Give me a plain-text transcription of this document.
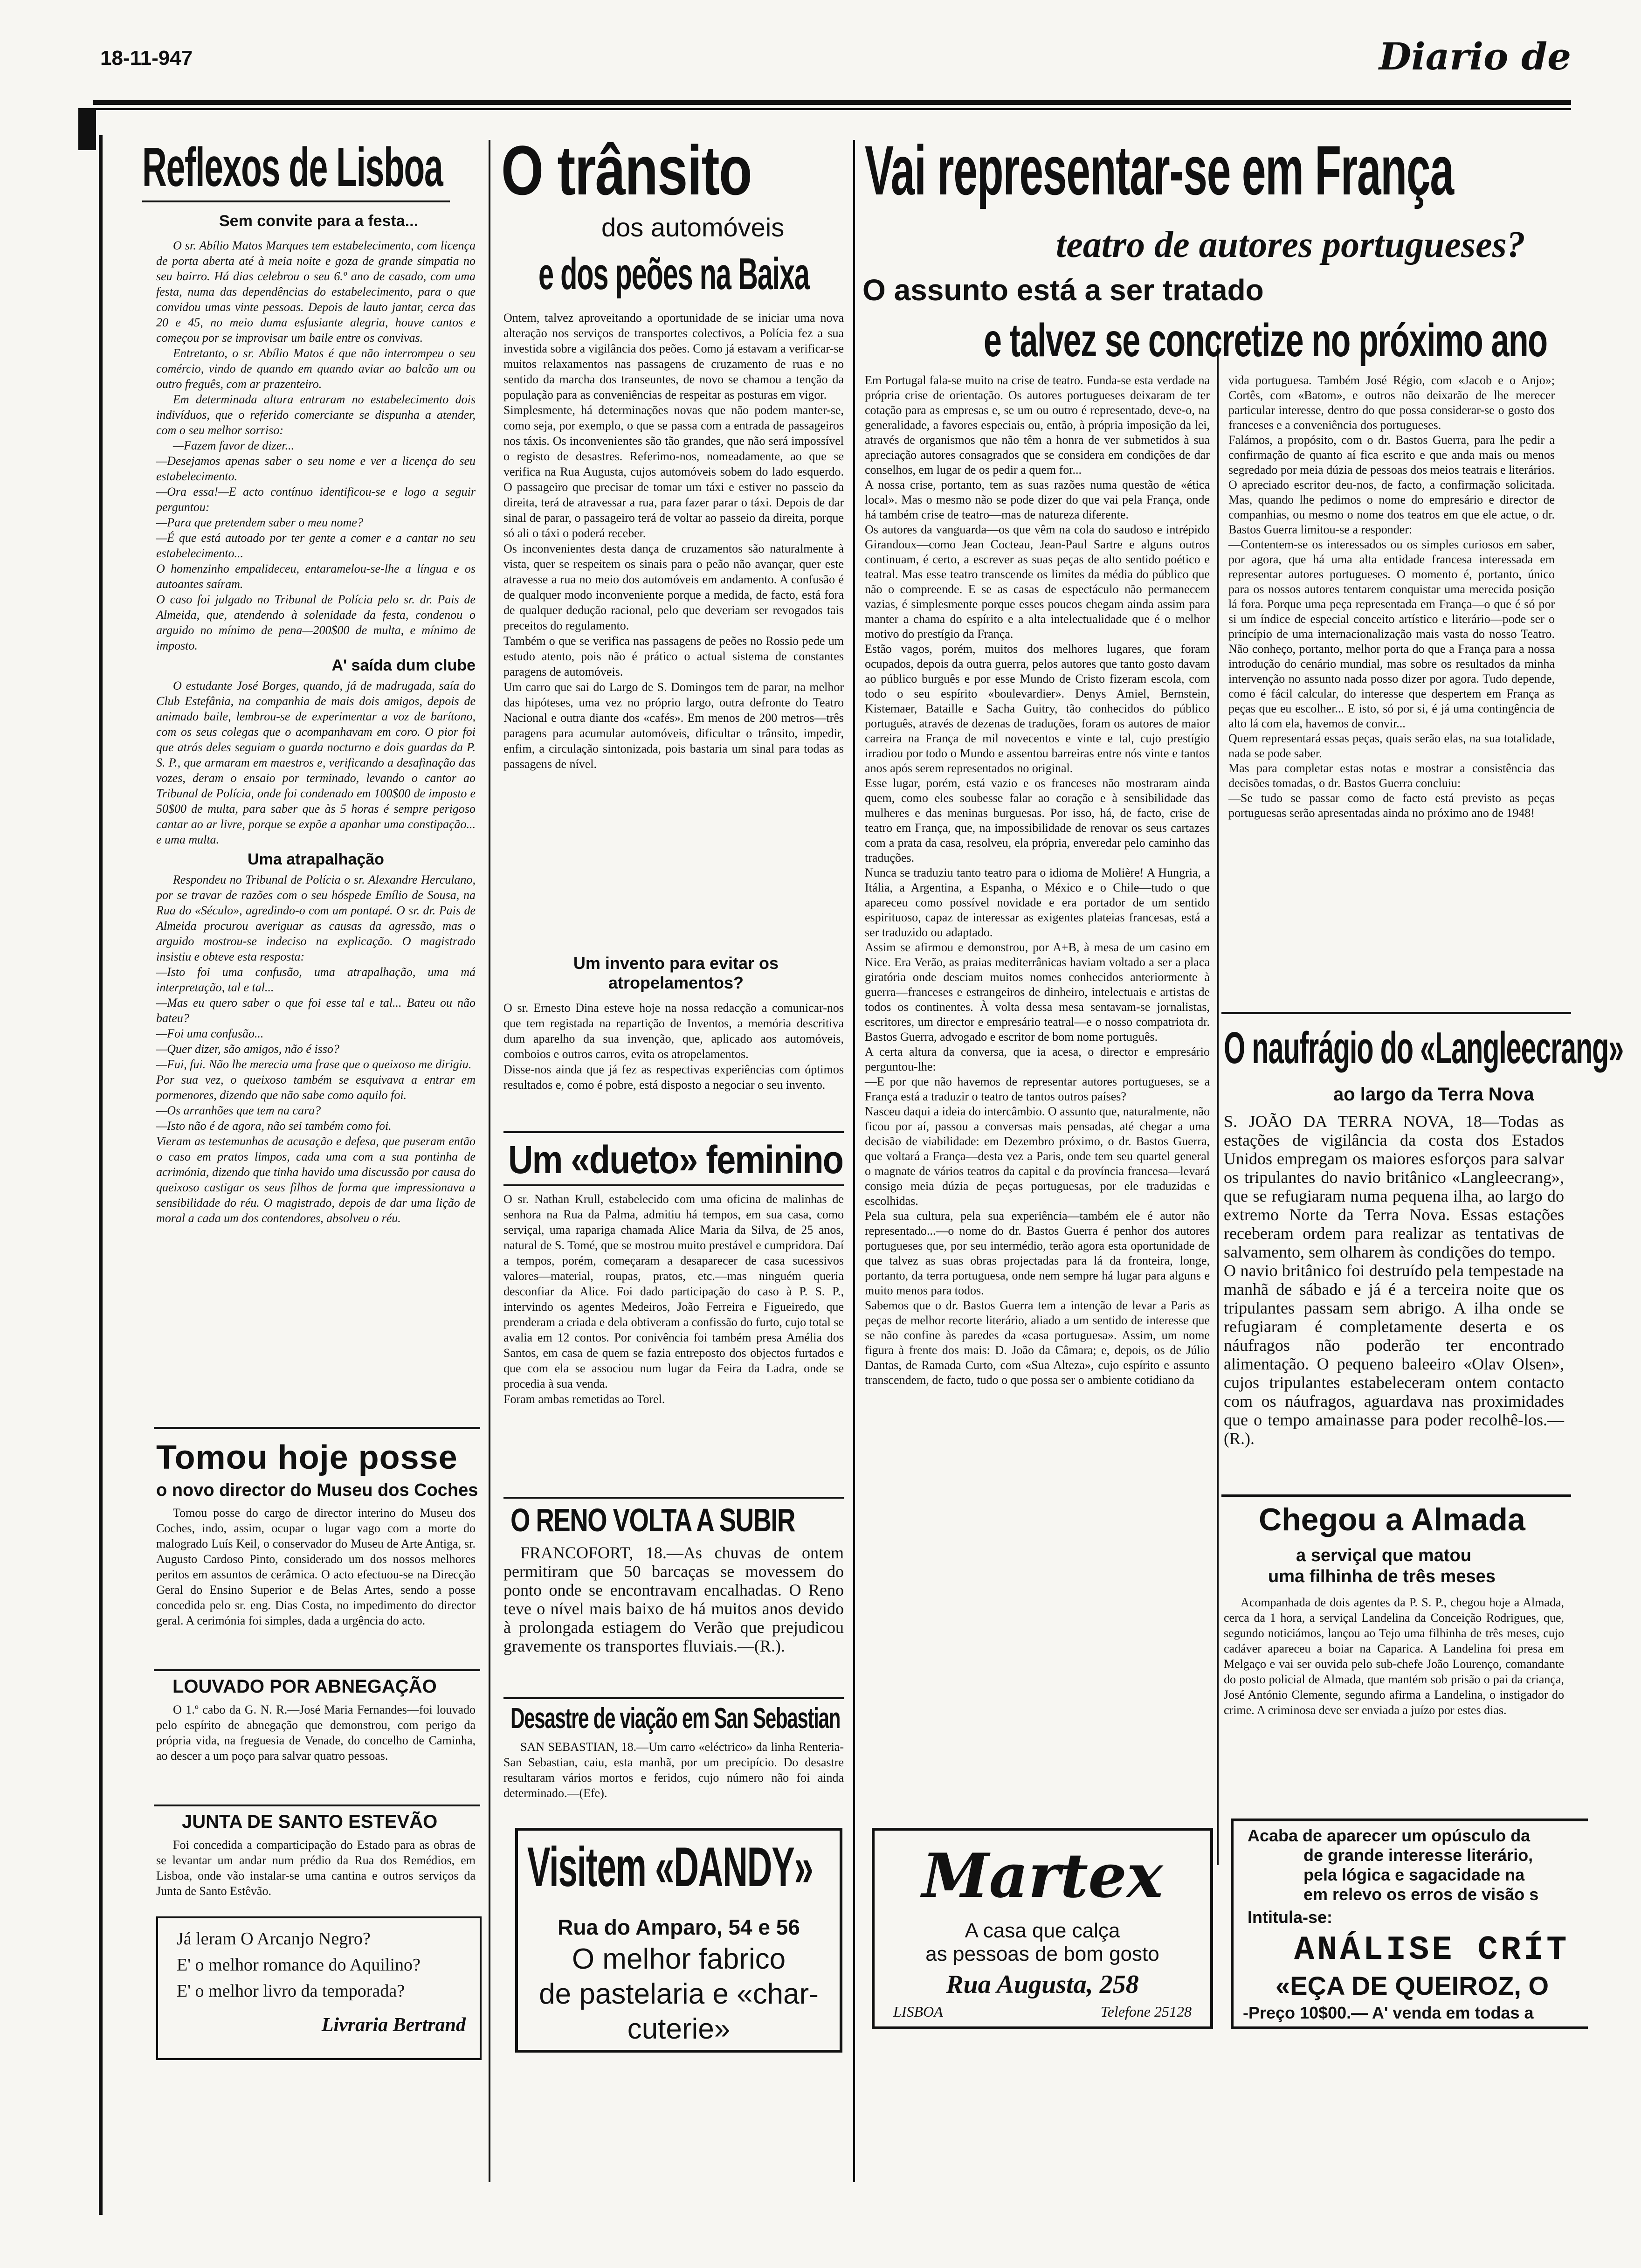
18-11-947	Diario de
Reflexos de Lisboa
Sem convite para a festa...

O sr. Abílio Matos Marques tem estabelecimento, com licença de porta aberta até à meia noite e goza de grande simpatia no seu bairro. Há dias celebrou o seu 6.º ano de casado, com uma festa, numa das dependências do estabelecimento, para o que convidou umas vinte pessoas. Depois de lauto jantar, cerca das 20 e 45, no meio duma esfusiante alegria, houve cantos e começou por se improvisar um baile entre os convivas.

Entretanto, o sr. Abílio Matos é que não interrompeu o seu comércio, vindo de quando em quando aviar ao balcão um ou outro freguês, com ar prazenteiro.

Em determinada altura entraram no estabelecimento dois indivíduos, que o referido comerciante se dispunha a atender, com o seu melhor sorriso:

—Fazem favor de dizer...
—Desejamos apenas saber o seu nome e ver a licença do seu estabelecimento.
—Ora essa!—E acto contínuo identificou-se e logo a seguir perguntou:
—Para que pretendem saber o meu nome?
—É que está autoado por ter gente a comer e a cantar no seu estabelecimento...
O homenzinho empalideceu, entaramelou-se-lhe a língua e os autoantes saíram.
O caso foi julgado no Tribunal de Polícia pelo sr. dr. Pais de Almeida, que, atendendo à solenidade da festa, condenou o arguido no mínimo de pena—200$00 de multa, e mínimo de imposto.

A' saída dum clube

O estudante José Borges, quando, já de madrugada, saía do Club Estefânia, na companhia de mais dois amigos, depois de animado baile, lembrou-se de experimentar a voz de barítono, com os seus colegas que o acompanhavam em coro. O pior foi que atrás deles seguiam o guarda nocturno e dois guardas da P. S. P., que armaram em maestros e, verificando a desafinação das vozes, deram o ensaio por terminado, levando o cantor ao Tribunal de Polícia, onde foi condenado em 100$00 de imposto e 50$00 de multa, para saber que às 5 horas é sempre perigoso cantar ao ar livre, porque se expõe a apanhar uma constipação... e uma multa.

Uma atrapalhação

Respondeu no Tribunal de Polícia o sr. Alexandre Herculano, por se travar de razões com o seu hóspede Emílio de Sousa, na Rua do «Século», agredindo-o com um pontapé. O sr. dr. Pais de Almeida procurou averiguar as causas da agressão, mas o arguido mostrou-se indeciso na explicação. O magistrado insistiu e obteve esta resposta:
—Isto foi uma confusão, uma atrapalhação, uma má interpretação, tal e tal...
—Mas eu quero saber o que foi esse tal e tal... Bateu ou não bateu?
—Foi uma confusão...
—Quer dizer, são amigos, não é isso?
—Fui, fui. Não lhe merecia uma frase que o queixoso me dirigiu.
Por sua vez, o queixoso também se esquivava a entrar em pormenores, dizendo que não sabe como aquilo foi.
—Os arranhões que tem na cara?
—Isto não é de agora, não sei também como foi.
Vieram as testemunhas de acusação e defesa, que puseram então o caso em pratos limpos, cada uma com a sua pontinha de acrimónia, dizendo que tinha havido uma discussão por causa do queixoso castigar os seus filhos de forma que impressionava a sensibilidade do réu. O magistrado, depois de dar uma lição de moral a cada um dos contendores, absolveu o réu.

Tomou hoje posse
o novo director do Museu dos Coches

Tomou posse do cargo de director interino do Museu dos Coches, indo, assim, ocupar o lugar vago com a morte do malogrado Luís Keil, o conservador do Museu de Arte Antiga, sr. Augusto Cardoso Pinto, considerado um dos nossos melhores peritos em assuntos de cerâmica. O acto efectuou-se na Direcção Geral do Ensino Superior e de Belas Artes, sendo a posse concedida pelo sr. eng. Dias Costa, no impedimento do director geral. A cerimónia foi simples, dada a urgência do acto.

LOUVADO POR ABNEGAÇÃO

O 1.º cabo da G. N. R.—José Maria Fernandes—foi louvado pelo espírito de abnegação que demonstrou, com perigo da própria vida, na freguesia de Venade, do concelho de Caminha, ao descer a um poço para salvar quatro pessoas.

JUNTA DE SANTO ESTEVÃO

Foi concedida a comparticipação do Estado para as obras de se levantar um andar num prédio da Rua dos Remédios, em Lisboa, onde vão instalar-se uma cantina e outros serviços da Junta de Santo Estêvão.

Já leram O Arcanjo Negro?
E' o melhor romance do Aquilino?
E' o melhor livro da temporada?
Livraria Bertrand
O trânsito
dos automóveis
e dos peões na Baixa
Ontem, talvez aproveitando a oportunidade de se iniciar uma nova alteração nos serviços de transportes colectivos, a Polícia fez a sua investida sobre a vigilância dos peões. Como já estavam a verificar-se muitos relaxamentos nas passagens de cruzamento de ruas e no sentido da marcha dos transeuntes, de novo se chamou a tenção da população para as conveniências de respeitar as posturas em vigor.
Simplesmente, há determinações novas que não podem manter-se, como seja, por exemplo, o que se passa com a entrada de passageiros nos táxis. Os inconvenientes são tão grandes, que não será impossível o registo de desastres. Referimo-nos, nomeadamente, ao que se verifica na Rua Augusta, cujos automóveis sobem do lado esquerdo. O passageiro que precisar de tomar um táxi e estiver no passeio da direita, terá de atravessar a rua, para fazer parar o táxi. Depois de dar sinal de parar, o passageiro terá de voltar ao passeio da direita, porque só ali o táxi o poderá receber.
Os inconvenientes desta dança de cruzamentos são naturalmente à vista, quer se respeitem os sinais para o peão não avançar, quer este atravesse a rua no meio dos automóveis em andamento. A confusão é de qualquer modo inconveniente porque a medida, de facto, está fora de qualquer dedução racional, pelo que deveriam ser revogados tais preceitos do regulamento.
Também o que se verifica nas passagens de peões no Rossio pede um estudo atento, pois não é prático o actual sistema de constantes paragens de automóveis.
Um carro que sai do Largo de S. Domingos tem de parar, na melhor das hipóteses, uma vez no próprio largo, outra defronte do Teatro Nacional e outra diante dos «cafés». Em menos de 200 metros—três paragens para acumular automóveis, dificultar o trânsito, impedir, enfim, a circulação sintonizada, pois bastaria um sinal para todas as passagens de nível.
Um invento para evitar os atropelamentos?
O sr. Ernesto Dina esteve hoje na nossa redacção a comunicar-nos que tem registada na repartição de Inventos, a memória descritiva dum aparelho da sua invenção, que, aplicado aos automóveis, comboios e outros carros, evita os atropelamentos.
Disse-nos ainda que já fez as respectivas experiências com óptimos resultados e, como é pobre, está disposto a negociar o seu invento.
Um «dueto» feminino
O sr. Nathan Krull, estabelecido com uma oficina de malinhas de senhora na Rua da Palma, admitiu há tempos, em sua casa, como serviçal, uma rapariga chamada Alice Maria da Silva, de 25 anos, natural de S. Tomé, que se mostrou muito prestável e cumpridora. Daí a tempos, porém, começaram a desaparecer de casa sucessivos valores—material, roupas, pratos, etc.—mas ninguém queria desconfiar da Alice. Foi dado participação do caso à P. S. P., intervindo os agentes Medeiros, João Ferreira e Figueiredo, que prenderam a criada e dela obtiveram a confissão do furto, cujo total se avalia em 12 contos. Por conivência foi também presa Amélia dos Santos, em casa de quem se fazia entreposto dos objectos furtados e que com ela se associou num lugar da Feira da Ladra, onde se procedia à sua venda.
Foram ambas remetidas ao Torel.
O RENO VOLTA A SUBIR

FRANCOFORT, 18.—As chuvas de ontem permitiram que 50 barcaças se movessem do ponto onde se encontravam encalhadas. O Reno teve o nível mais baixo de há muitos anos devido à prolongada estiagem do Verão que prejudicou gravemente os transportes fluviais.—(R.).

Desastre de viação em San Sebastian

SAN SEBASTIAN, 18.—Um carro «eléctrico» da linha Renteria-San Sebastian, caiu, esta manhã, por um precipício. Do desastre resultaram vários mortos e feridos, cujo número não foi ainda determinado.—(Efe).

Visitem «DANDY»
Rua do Amparo, 54 e 56
O melhor fabrico
de pastelaria e «char-
cuterie»
Vai representar-se em França
teatro de autores portugueses?
O assunto está a ser tratado
e talvez se concretize no próximo ano
Em Portugal fala-se muito na crise de teatro. Funda-se esta verdade na própria crise de orientação. Os autores portugueses deixaram de ter cotação para as empresas e, se um ou outro é representado, deve-o, na generalidade, a favores especiais ou, então, à própria imposição da lei, através de organismos que não têm a honra de ver submetidos à sua apreciação autores consagrados que se considera em condições de dar conselhos, em lugar de os pedir a quem for...
A nossa crise, portanto, tem as suas razões numa questão de «ética local». Mas o mesmo não se pode dizer do que vai pela França, onde há também crise de teatro—mas de natureza diferente.
Os autores da vanguarda—os que vêm na cola do saudoso e intrépido Girandoux—como Jean Cocteau, Jean-Paul Sartre e alguns outros continuam, é certo, a escrever as suas peças de alto sentido poético e teatral. Mas esse teatro transcende os limites da média do público que não o compreende. E se as casas de espectáculo não permanecem vazias, é simplesmente porque esses poucos chegam ainda assim para manter a chama do espírito e a alta intelectualidade que é o melhor motivo do prestígio da França.
Estão vagos, porém, muitos dos melhores lugares, que foram ocupados, depois da outra guerra, pelos autores que tanto gosto davam ao público burguês e por esse Mundo de Cristo fizeram escola, com todo o seu espírito «boulevardier». Denys Amiel, Bernstein, Kistemaer, Bataille e Sacha Guitry, tão conhecidos do público português, através de dezenas de traduções, foram os autores de maior carreira na França de mil novecentos e vinte e tal, cujo prestígio irradiou por todo o Mundo e assentou barreiras entre nós vinte e tantos anos após serem representados no original.
Esse lugar, porém, está vazio e os franceses não mostraram ainda quem, como eles soubesse falar ao coração e à sensibilidade das mulheres e das meninas burguesas. Por isso, há, de facto, crise de teatro em França, que, na impossibilidade de renovar os seus cartazes com a prata da casa, resolveu, ela própria, enveredar pelo caminho das traduções.
Nunca se traduziu tanto teatro para o idioma de Molière! A Hungria, a Itália, a Argentina, a Espanha, o México e o Chile—tudo o que apareceu como possível novidade e era portador de um sentido espirituoso, capaz de interessar as exigentes plateias francesas, está a ser traduzido ou adaptado.
Assim se afirmou e demonstrou, por A+B, à mesa de um casino em Nice. Era Verão, as praias mediterrânicas haviam voltado a ser a placa giratória onde desciam muitos nomes conhecidos anteriormente à guerra—franceses e estrangeiros de dinheiro, intelectuais e artistas de todos os continentes. À volta dessa mesa sentavam-se jornalistas, escritores, um director e empresário teatral—e o nosso compatriota dr. Bastos Guerra, advogado e escritor de bom nome português.
A certa altura da conversa, que ia acesa, o director e empresário perguntou-lhe:
—E por que não havemos de representar autores portugueses, se a França está a traduzir o teatro de tantos outros países?
Nasceu daqui a ideia do intercâmbio. O assunto que, naturalmente, não ficou por aí, passou a conversas mais pensadas, até chegar a uma decisão de viabilidade: em Dezembro próximo, o dr. Bastos Guerra, que voltará a França—desta vez a Paris, onde tem seu quartel general o magnate de vários teatros da capital e da província francesa—levará consigo meia dúzia de peças portuguesas, por ele traduzidas e escolhidas.
Pela sua cultura, pela sua experiência—também ele é autor não representado...—o nome do dr. Bastos Guerra é penhor dos autores portugueses que, por seu intermédio, terão agora esta oportunidade de que talvez as suas obras projectadas para lá da fronteira, longe, portanto, da terra portuguesa, onde nem sempre há lugar para alguns e muito menos para todos.
Sabemos que o dr. Bastos Guerra tem a intenção de levar a Paris as peças de melhor recorte literário, aliado a um sentido de interesse que se não confine às paredes da «casa portuguesa». Assim, um nome figura à frente dos mais: D. João da Câmara; e, depois, os de Júlio Dantas, de Ramada Curto, com «Sua Alteza», cujo espírito e assunto transcendem, de facto, tudo o que possa ser o ambiente cotidiano da
vida portuguesa. Também José Régio, com «Jacob e o Anjo»; Cortês, com «Batom», e outros não deixarão de lhe merecer particular interesse, dentro do que possa considerar-se o gosto dos franceses e a conveniência dos portugueses.
Falámos, a propósito, com o dr. Bastos Guerra, para lhe pedir a confirmação de quanto aí fica escrito e que anda mais ou menos segredado por meia dúzia de pessoas dos meios teatrais e literários. O apreciado escritor deu-nos, de facto, a confirmação solicitada. Mas, quando lhe pedimos o nome do empresário e director de companhias, ou mesmo o nome dos teatros em que ele actue, o dr. Bastos Guerra limitou-se a responder:
—Contentem-se os interessados ou os simples curiosos em saber, por agora, que há uma alta entidade francesa interessada em representar autores portugueses. O momento é, portanto, único para os nossos autores tentarem conquistar uma merecida posição lá fora. Porque uma peça representada em França—o que é só por si um índice de especial conceito artístico e literário—pode ser o princípio de uma internacionalização mais vasta do nosso Teatro. Não conheço, portanto, melhor porta do que a França para a nossa introdução do cenário mundial, mas sobre os resultados da minha intervenção no assunto nada posso dizer por agora. Tudo depende, como é fácil calcular, do interesse que despertem em França as peças que eu escolher... E isto, só por si, é já uma contingência de alto lá com ela, havemos de convir...
Quem representará essas peças, quais serão elas, na sua totalidade, nada se pode saber.
Mas para completar estas notas e mostrar a consistência das decisões tomadas, o dr. Bastos Guerra concluiu:
—Se tudo se passar como de facto está previsto as peças portuguesas serão apresentadas ainda no próximo ano de 1948!
O naufrágio do «Langleecrang»
ao largo da Terra Nova
S. JOÃO DA TERRA NOVA, 18—Todas as estações de vigilância da costa dos Estados Unidos empregam os maiores esforços para salvar os tripulantes do navio britânico «Langleecrang», que se refugiaram numa pequena ilha, ao largo do extremo Norte da Terra Nova. Essas estações receberam ordem para realizar as tentativas de salvamento, sem olharem às condições do tempo.
O navio britânico foi destruído pela tempestade na manhã de sábado e já é a terceira noite que os tripulantes passam sem abrigo. A ilha onde se refugiaram é completamente deserta e os náufragos não poderão ter encontrado alimentação. O pequeno baleeiro «Olav Olsen», cujos tripulantes estabeleceram ontem contacto com os náufragos, aguardava nas proximidades que o tempo amainasse para poder recolhê-los.—(R.).
Chegou a Almada
a serviçal que matou
uma filhinha de três meses

Acompanhada de dois agentes da P. S. P., chegou hoje a Almada, cerca da 1 hora, a serviçal Landelina da Conceição Rodrigues, que, segundo noticiámos, lançou ao Tejo uma filhinha de três meses, cujo cadáver apareceu a boiar na Caparica. A Landelina foi presa em Melgaço e vai ser ouvida pelo sub-chefe João Lourenço, comandante do posto policial de Almada, que mantém sob prisão o pai da criança, José António Clemente, segundo afirma a Landelina, o instigador do crime. A criminosa deve ser enviada a juízo por estes dias.

Martex
A casa que calça
as pessoas de bom gosto
Rua Augusta, 258
LISBOA	Telefone 25128
Acaba de aparecer um opúsculo da
de grande interesse literário,
pela lógica e sagacidade na
em relevo os erros de visão s
Intitula-se:
ANÁLISE CRÍT
«EÇA DE QUEIROZ, O
-Preço 10$00.— A' venda em todas a
